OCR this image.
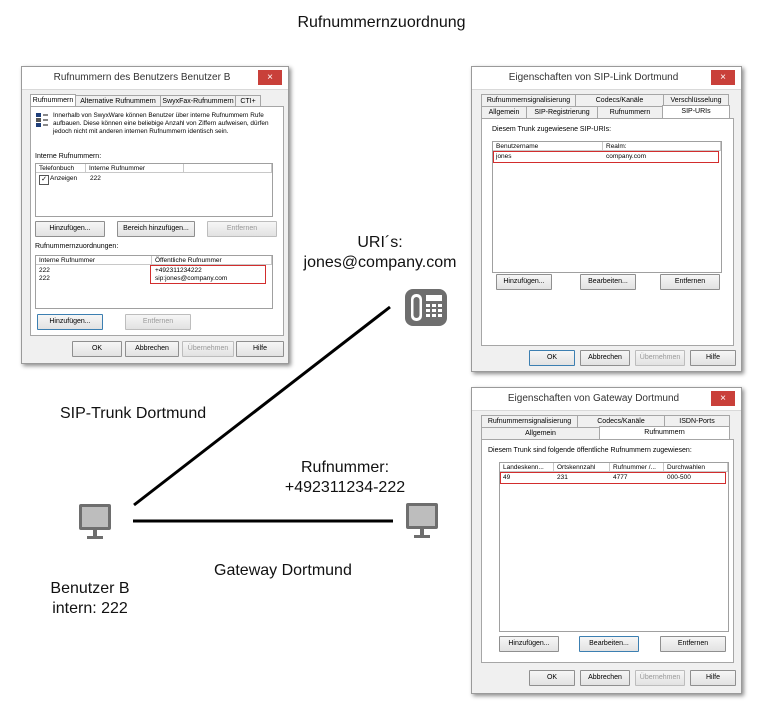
Rufnummernzuordnung
URI´s:
jones@company.com
SIP-Trunk Dortmund
Rufnummer:
+492311234-222
Gateway Dortmund
Benutzer B
intern: 222
Rufnummern des Benutzers Benutzer B	×
Rufnummern	Alternative Rufnummern SwyxFax-Rufnummern CTI+
Innerhalb von SwyxWare können Benutzer über interne Rufnummern Rufe aufbauen. Diese können eine beliebige Anzahl von Ziffern aufweisen, dürfen jedoch nicht mit anderen internen Rufnummern identisch sein.
Interne Rufnummern:
Telefonbuch	Interne Rufnummer
✓ Anzeigen	222
Hinzufügen...	Bereich hinzufügen...	Entfernen
Rufnummernzuordnungen:
Interne Rufnummer	Öffentliche Rufnummer
222	+492311234222
222	sip:jones@company.com
Hinzufügen...	Entfernen
OK	Abbrechen	Übernehmen	Hilfe
Eigenschaften von SIP-Link Dortmund	×
Rufnummernsignalisierung	Codecs/Kanäle	Verschlüsselung
Allgemein	SIP-Registrierung	Rufnummern	SIP-URIs
Diesem Trunk zugewiesene SIP-URIs:
Benutzername	Realm:
jones	company.com
Hinzufügen...	Bearbeiten...	Entfernen
OK	Abbrechen	Übernehmen	Hilfe
Eigenschaften von Gateway Dortmund	×
Rufnummernsignalisierung	Codecs/Kanäle	ISDN-Ports
Allgemein	Rufnummern
Diesem Trunk sind folgende öffentliche Rufnummern zugewiesen:
Landeskenn...	Ortskennzahl	Rufnummer /...	Durchwahlen
49	231	4777	000-500
Hinzufügen...	Bearbeiten...	Entfernen
OK	Abbrechen	Übernehmen	Hilfe
